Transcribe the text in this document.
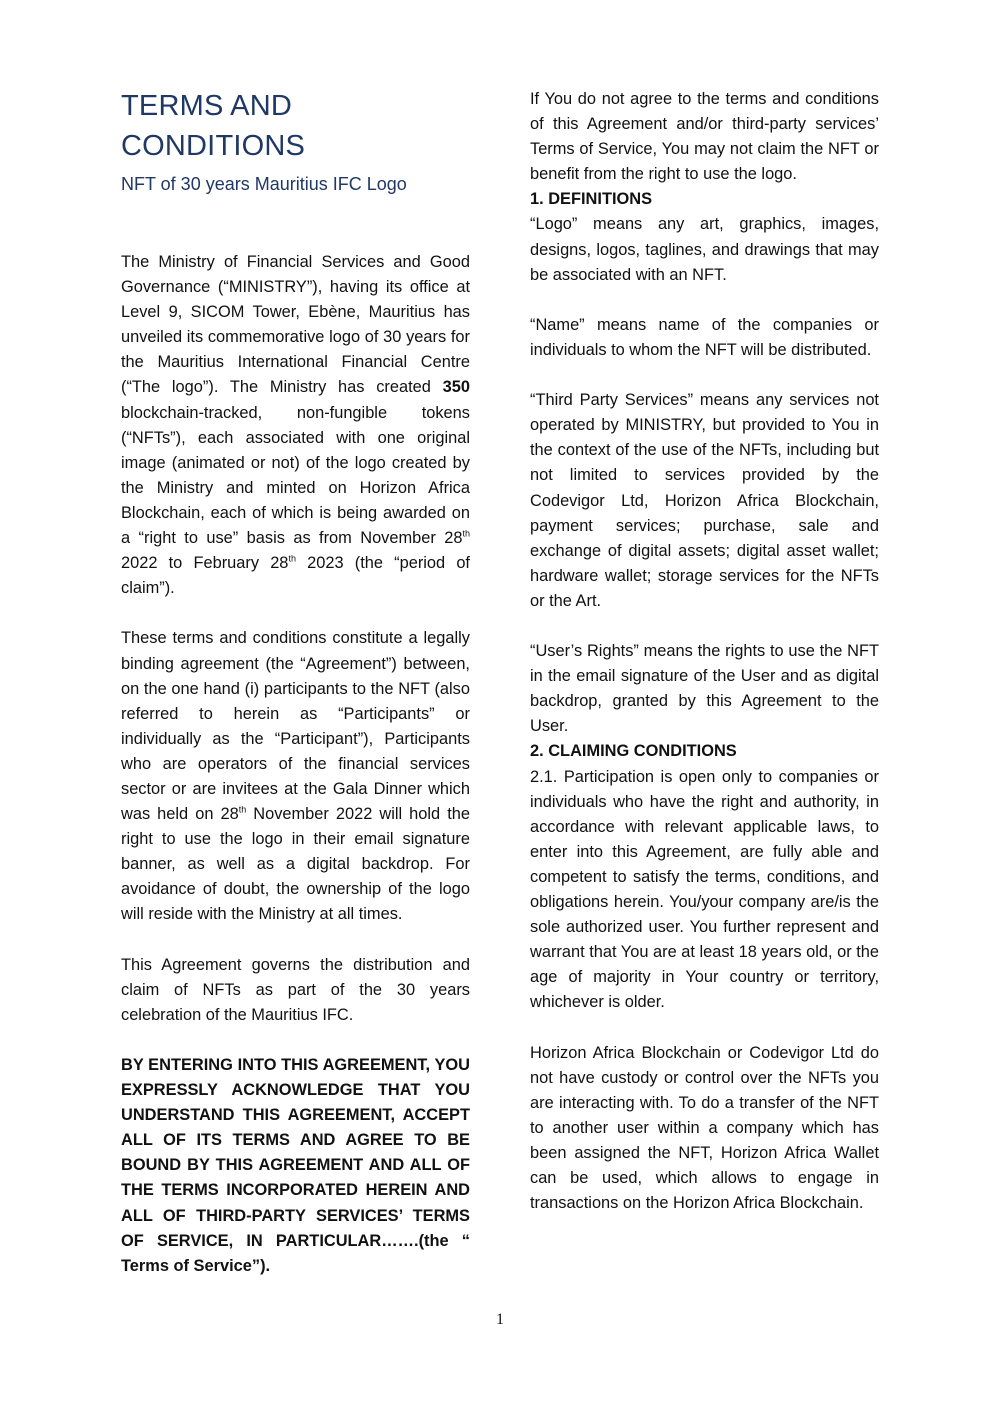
TERMS AND CONDITIONS
NFT of 30 years Mauritius IFC Logo

The Ministry of Financial Services and Good Governance (“MINISTRY”), having its office at Level 9, SICOM Tower, Ebène, Mauritius has unveiled its commemorative logo of 30 years for the Mauritius International Financial Centre (“The logo”). The Ministry has created 350 blockchain-tracked, non-fungible tokens (“NFTs”), each associated with one original image (animated or not) of the logo created by the Ministry and minted on Horizon Africa Blockchain, each of which is being awarded on a “right to use” basis as from November 28th 2022 to February 28th 2023 (the “period of claim”).

These terms and conditions constitute a legally binding agreement (the “Agreement”) between, on the one hand (i) participants to the NFT (also referred to herein as “Participants” or individually as the “Participant”), Participants who are operators of the financial services sector or are invitees at the Gala Dinner which was held on 28th November 2022 will hold the right to use the logo in their email signature banner, as well as a digital backdrop. For avoidance of doubt, the ownership of the logo will reside with the Ministry at all times.

This Agreement governs the distribution and claim of NFTs as part of the 30 years celebration of the Mauritius IFC.

BY ENTERING INTO THIS AGREEMENT, YOU EXPRESSLY ACKNOWLEDGE THAT YOU UNDERSTAND THIS AGREEMENT, ACCEPT ALL OF ITS TERMS AND AGREE TO BE BOUND BY THIS AGREEMENT AND ALL OF THE TERMS INCORPORATED HEREIN AND ALL OF THIRD-PARTY SERVICES’ TERMS OF SERVICE, IN PARTICULAR…….(the “ Terms of Service”).

If You do not agree to the terms and conditions of this Agreement and/or third-party services’ Terms of Service, You may not claim the NFT or benefit from the right to use the logo.

1. DEFINITIONS

“Logo” means any art, graphics, images, designs, logos, taglines, and drawings that may be associated with an NFT.

“Name” means name of the companies or individuals to whom the NFT will be distributed.

“Third Party Services” means any services not operated by MINISTRY, but provided to You in the context of the use of the NFTs, including but not limited to services provided by the Codevigor Ltd, Horizon Africa Blockchain, payment services; purchase, sale and exchange of digital assets; digital asset wallet; hardware wallet; storage services for the NFTs or the Art.

“User’s Rights” means the rights to use the NFT in the email signature of the User and as digital backdrop, granted by this Agreement to the User.

2. CLAIMING CONDITIONS

2.1. Participation is open only to companies or individuals who have the right and authority, in accordance with relevant applicable laws, to enter into this Agreement, are fully able and competent to satisfy the terms, conditions, and obligations herein. You/your company are/is the sole authorized user. You further represent and warrant that You are at least 18 years old, or the age of majority in Your country or territory, whichever is older.

Horizon Africa Blockchain or Codevigor Ltd do not have custody or control over the NFTs you are interacting with. To do a transfer of the NFT to another user within a company which has been assigned the NFT, Horizon Africa Wallet can be used, which allows to engage in transactions on the Horizon Africa Blockchain.

1
